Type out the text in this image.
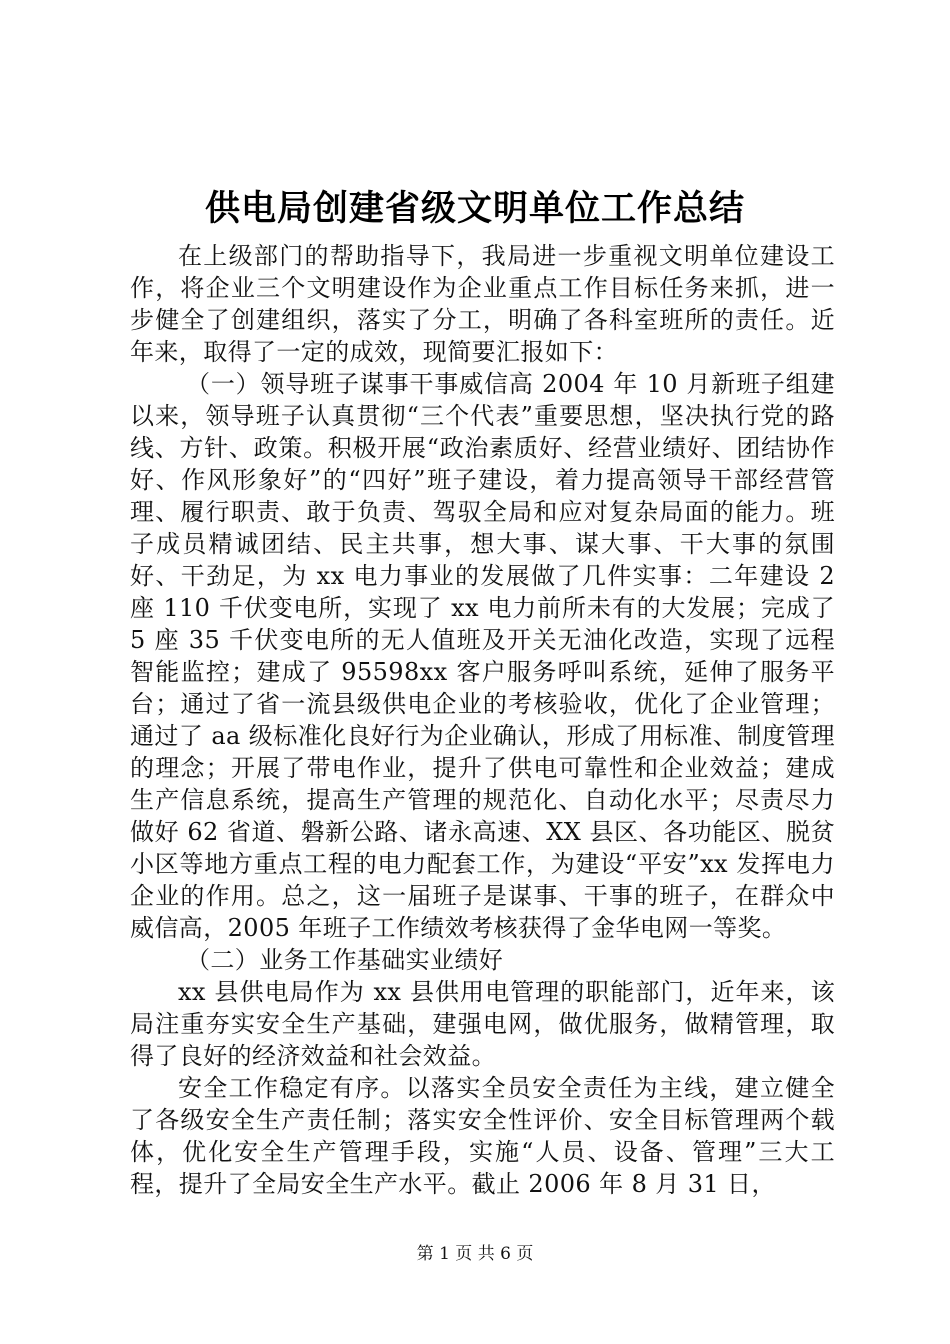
供电局创建省级文明单位工作总结

在上级部门的帮助指导下，我局进一步重视文明单位建设工作，将企业三个文明建设作为企业重点工作目标任务来抓，进一步健全了创建组织，落实了分工，明确了各科室班所的责任。近年来，取得了一定的成效，现简要汇报如下：

（一）领导班子谋事干事威信高 2004 年 10 月新班子组建以来，领导班子认真贯彻“三个代表”重要思想，坚决执行党的路线、方针、政策。积极开展“政治素质好、经营业绩好、团结协作好、作风形象好”的“四好”班子建设，着力提高领导干部经营管理、履行职责、敢于负责、驾驭全局和应对复杂局面的能力。班子成员精诚团结、民主共事，想大事、谋大事、干大事的氛围好、干劲足，为 xx 电力事业的发展做了几件实事：二年建设 2 座 110 千伏变电所，实现了 xx 电力前所未有的大发展；完成了 5 座 35 千伏变电所的无人值班及开关无油化改造，实现了远程智能监控；建成了 95598xx 客户服务呼叫系统，延伸了服务平台；通过了省一流县级供电企业的考核验收，优化了企业管理；通过了 aa 级标准化良好行为企业确认，形成了用标准、制度管理的理念；开展了带电作业，提升了供电可靠性和企业效益；建成生产信息系统，提高生产管理的规范化、自动化水平；尽责尽力做好 62 省道、磐新公路、诸永高速、XX 县区、各功能区、脱贫小区等地方重点工程的电力配套工作，为建设“平安”xx 发挥电力企业的作用。总之，这一届班子是谋事、干事的班子，在群众中威信高，2005 年班子工作绩效考核获得了金华电网一等奖。

（二）业务工作基础实业绩好

xx 县供电局作为 xx 县供用电管理的职能部门，近年来，该局注重夯实安全生产基础，建强电网，做优服务，做精管理，取得了良好的经济效益和社会效益。

安全工作稳定有序。以落实全员安全责任为主线，建立健全了各级安全生产责任制；落实安全性评价、安全目标管理两个载体，优化安全生产管理手段，实施“人员、设备、管理”三大工程，提升了全局安全生产水平。截止 2006 年 8 月 31 日，

第 1 页 共 6 页
